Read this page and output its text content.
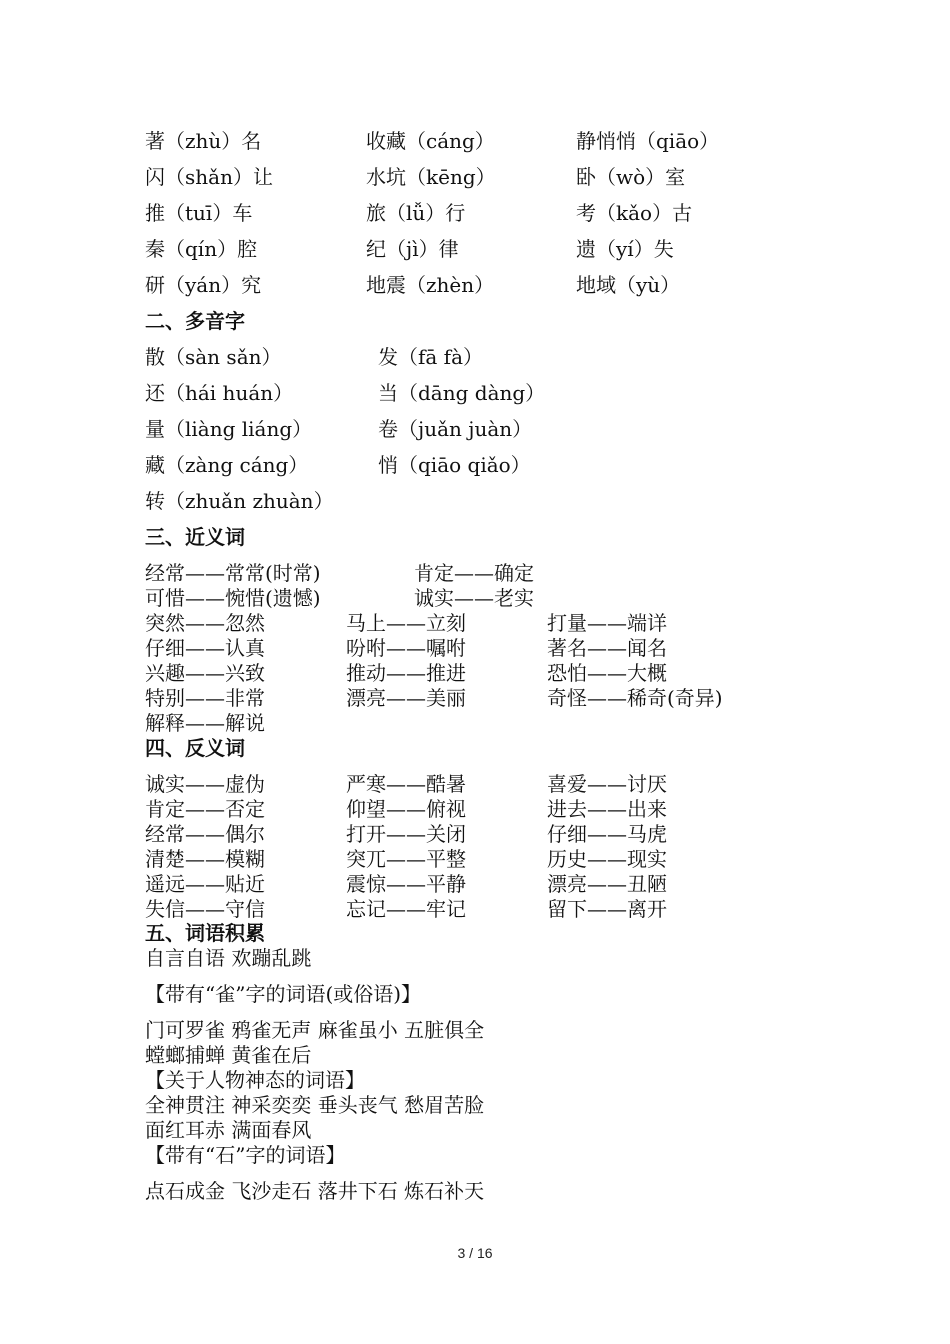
著（zhù）名	收藏（cáng）	静悄悄（qiāo）
闪（shǎn）让	水坑（kēng）	卧（wò）室
推（tuī）车	旅（lǚ）行	考（kǎo）古
秦（qín）腔	纪（jì）律	遗（yí）失
研（yán）究	地震（zhèn）	地域（yù）
二、多音字
散（sàn sǎn）	发（fā fà）
还（hái huán）	当（dāng dàng）
量（liàng liáng）	卷（juǎn juàn）
藏（zàng cáng）	悄（qiāo qiǎo）
转（zhuǎn zhuàn）
三、近义词
经常——常常(时常)	肯定——确定
可惜——惋惜(遗憾)	诚实——老实
突然——忽然	马上——立刻	打量——端详
仔细——认真	吩咐——嘱咐	著名——闻名
兴趣——兴致	推动——推进	恐怕——大概
特别——非常	漂亮——美丽	奇怪——稀奇(奇异)
解释——解说
四、反义词
诚实——虚伪	严寒——酷暑	喜爱——讨厌
肯定——否定	仰望——俯视	进去——出来
经常——偶尔	打开——关闭	仔细——马虎
清楚——模糊	突兀——平整	历史——现实
遥远——贴近	震惊——平静	漂亮——丑陋
失信——守信	忘记——牢记	留下——离开
五、词语积累
自言自语 欢蹦乱跳
【带有“雀”字的词语(或俗语)】
门可罗雀 鸦雀无声 麻雀虽小 五脏俱全
螳螂捕蝉 黄雀在后
【关于人物神态的词语】
全神贯注 神采奕奕 垂头丧气 愁眉苦脸
面红耳赤 满面春风
【带有“石”字的词语】
点石成金 飞沙走石 落井下石 炼石补天
3 / 16
